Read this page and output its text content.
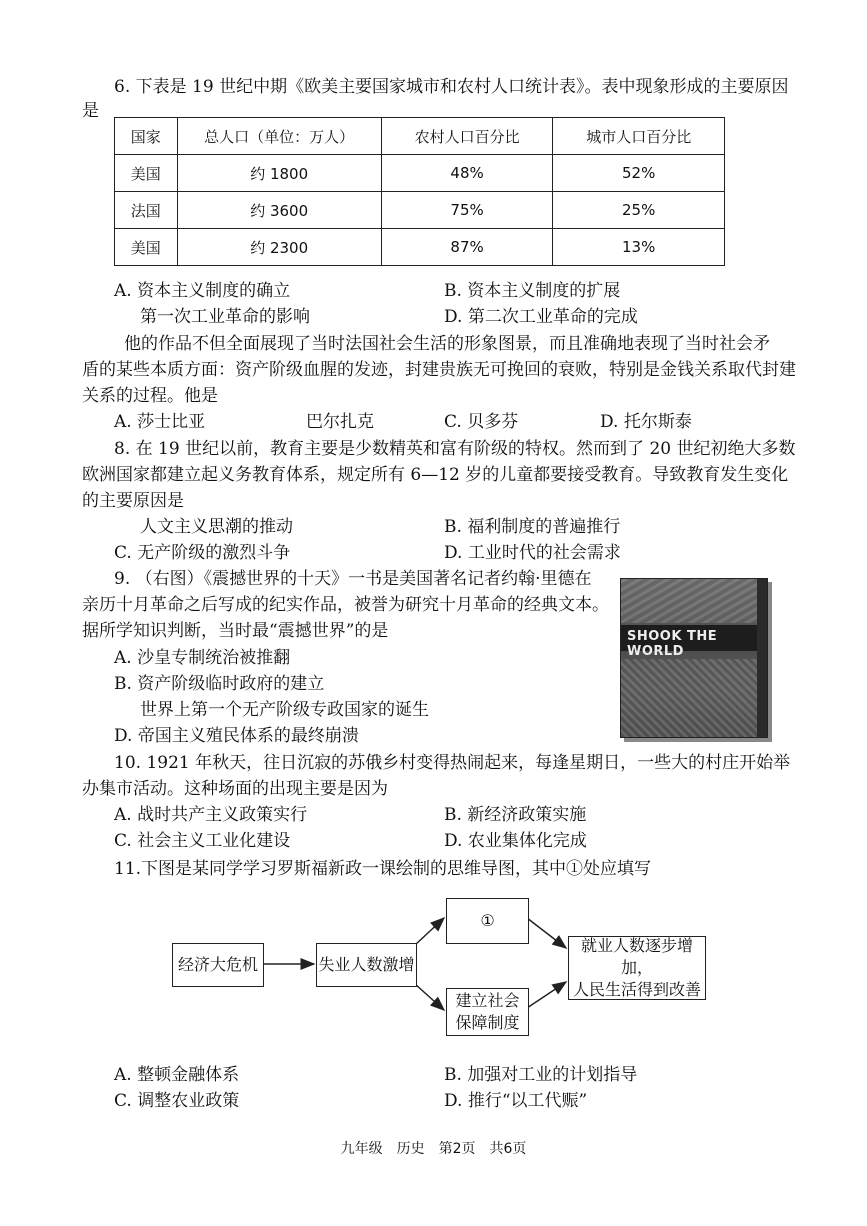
6. 下表是 19 世纪中期《欧美主要国家城市和农村人口统计表》。表中现象形成的主要原因
是
国家	总人口（单位：万人）	农村人口百分比	城市人口百分比
美国	约 1800	48%	52%
法国	约 3600	75%	25%
美国	约 2300	87%	13%
A. 资本主义制度的确立	B. 资本主义制度的扩展
第一次工业革命的影响	D. 第二次工业革命的完成
他的作品不但全面展现了当时法国社会生活的形象图景，而且准确地表现了当时社会矛
盾的某些本质方面：资产阶级血腥的发迹，封建贵族无可挽回的衰败，特别是金钱关系取代封建
关系的过程。他是
A. 莎士比亚	巴尔扎克	C. 贝多芬	D. 托尔斯泰
8. 在 19 世纪以前，教育主要是少数精英和富有阶级的特权。然而到了 20 世纪初绝大多数
欧洲国家都建立起义务教育体系，规定所有 6—12 岁的儿童都要接受教育。导致教育发生变化
的主要原因是
人文主义思潮的推动	B. 福利制度的普遍推行
C. 无产阶级的激烈斗争	D. 工业时代的社会需求
9. （右图）《震撼世界的十天》一书是美国著名记者约翰·里德在
亲历十月革命之后写成的纪实作品，被誉为研究十月革命的经典文本。
据所学知识判断，当时最“震撼世界”的是
A. 沙皇专制统治被推翻
B. 资产阶级临时政府的建立
世界上第一个无产阶级专政国家的诞生
D. 帝国主义殖民体系的最终崩溃
SHOOK THE WORLD
10. 1921 年秋天，往日沉寂的苏俄乡村变得热闹起来，每逢星期日，一些大的村庄开始举
办集市活动。这种场面的出现主要是因为
A. 战时共产主义政策实行	B. 新经济政策实施
C. 社会主义工业化建设	D. 农业集体化完成
11.下图是某同学学习罗斯福新政一课绘制的思维导图，其中①处应填写
经济大危机	失业人数激增
①
建立社会
保障制度
就业人数逐步增加，
人民生活得到改善
A. 整顿金融体系	B. 加强对工业的计划指导
C. 调整农业政策	D. 推行“以工代赈”
九年级　历史　第2页　共6页
